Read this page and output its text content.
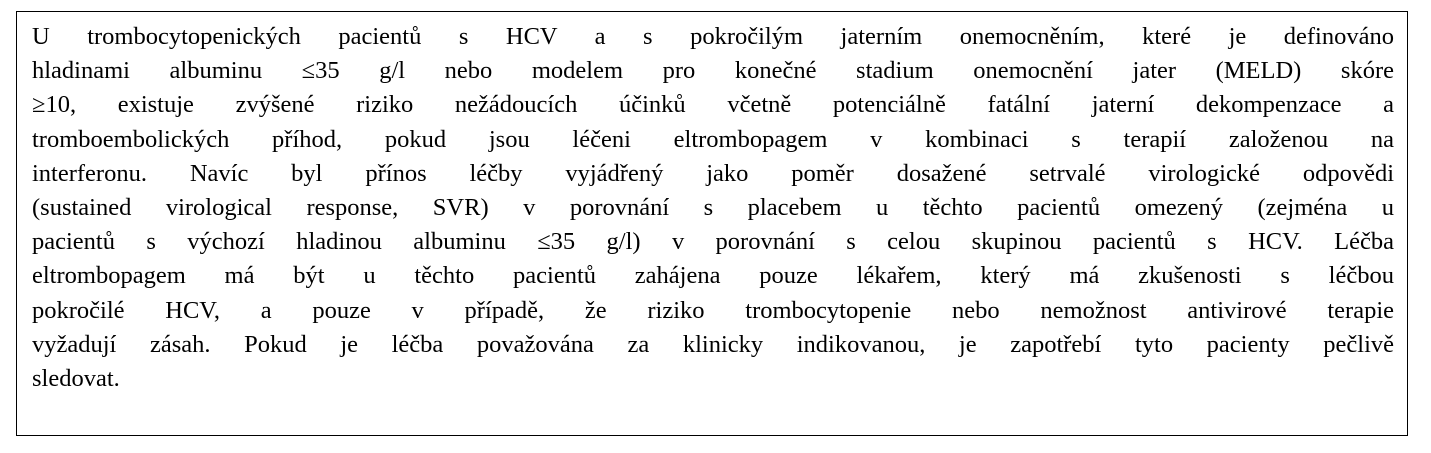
U trombocytopenických pacientů s HCV a s pokročilým jaterním onemocněním, které je definováno
hladinami albuminu ≤35 g/l nebo modelem pro konečné stadium onemocnění jater (MELD) skóre
≥10, existuje zvýšené riziko nežádoucích účinků včetně potenciálně fatální jaterní dekompenzace a
tromboembolických příhod, pokud jsou léčeni eltrombopagem v kombinaci s terapií založenou na
interferonu. Navíc byl přínos léčby vyjádřený jako poměr dosažené setrvalé virologické odpovědi
(sustained virological response, SVR) v porovnání s placebem u těchto pacientů omezený (zejména u
pacientů s výchozí hladinou albuminu ≤35 g/l) v porovnání s celou skupinou pacientů s HCV. Léčba
eltrombopagem má být u těchto pacientů zahájena pouze lékařem, který má zkušenosti s léčbou
pokročilé HCV, a pouze v případě, že riziko trombocytopenie nebo nemožnost antivirové terapie
vyžadují zásah. Pokud je léčba považována za klinicky indikovanou, je zapotřebí tyto pacienty pečlivě
sledovat.
